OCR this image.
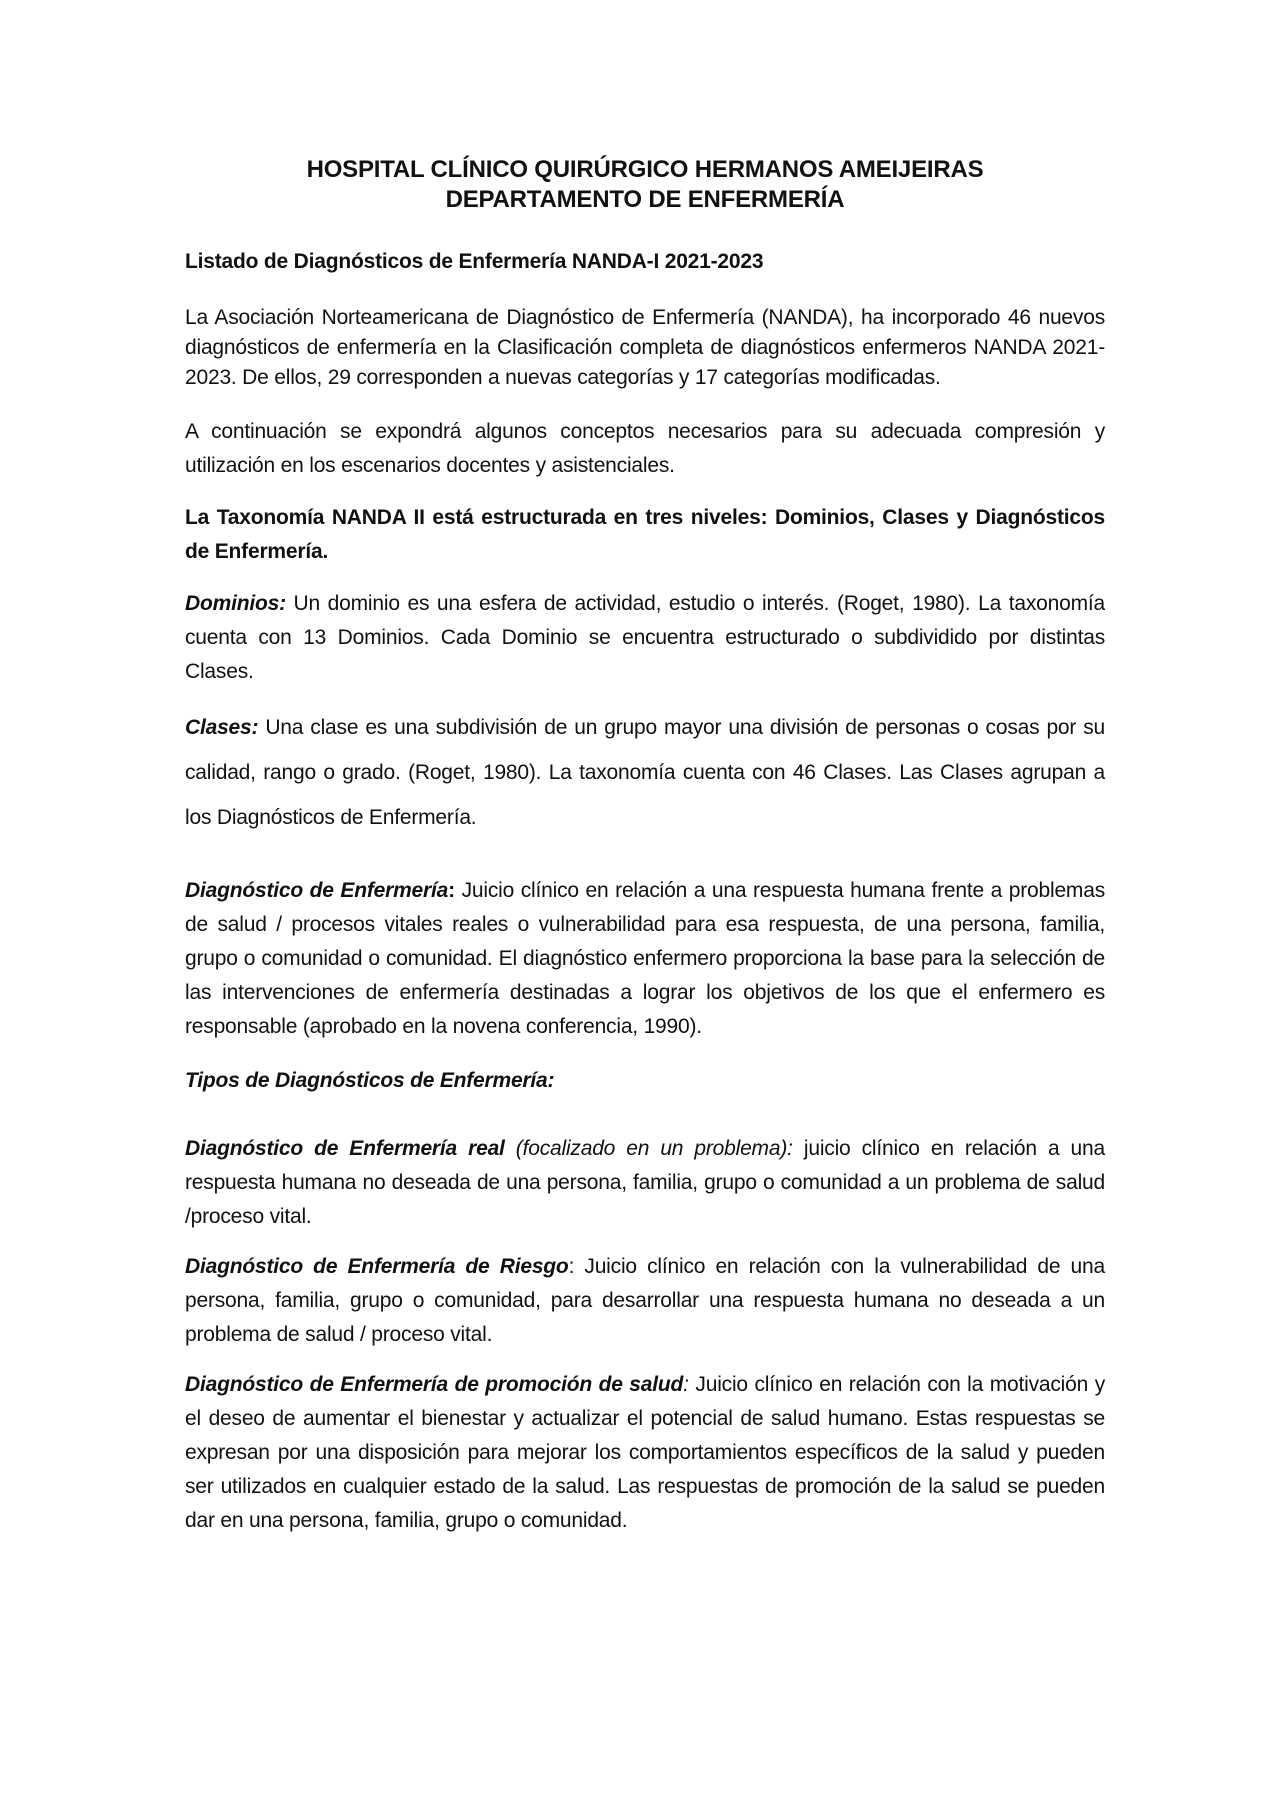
HOSPITAL CLÍNICO QUIRÚRGICO HERMANOS AMEIJEIRAS
DEPARTAMENTO DE ENFERMERÍA
Listado de Diagnósticos de Enfermería NANDA-I 2021-2023

La Asociación Norteamericana de Diagnóstico de Enfermería (NANDA), ha incorporado 46 nuevos diagnósticos de enfermería en la Clasificación completa de diagnósticos enfermeros NANDA 2021-2023. De ellos, 29 corresponden a nuevas categorías y 17 categorías modificadas.

A continuación se expondrá algunos conceptos necesarios para su adecuada compresión y utilización en los escenarios docentes y asistenciales.

La Taxonomía NANDA II está estructurada en tres niveles: Dominios, Clases y Diagnósticos de Enfermería.

Dominios: Un dominio es una esfera de actividad, estudio o interés. (Roget, 1980). La taxonomía cuenta con 13 Dominios. Cada Dominio se encuentra estructurado o subdividido por distintas Clases.

Clases: Una clase es una subdivisión de un grupo mayor una división de personas o cosas por su calidad, rango o grado. (Roget, 1980). La taxonomía cuenta con 46 Clases. Las Clases agrupan a los Diagnósticos de Enfermería.

Diagnóstico de Enfermería: Juicio clínico en relación a una respuesta humana frente a problemas de salud / procesos vitales reales o vulnerabilidad para esa respuesta, de una persona, familia, grupo o comunidad o comunidad. El diagnóstico enfermero proporciona la base para la selección de las intervenciones de enfermería destinadas a lograr los objetivos de los que el enfermero es responsable (aprobado en la novena conferencia, 1990).

Tipos de Diagnósticos de Enfermería:

Diagnóstico de Enfermería real (focalizado en un problema): juicio clínico en relación a una respuesta humana no deseada de una persona, familia, grupo o comunidad a un problema de salud /proceso vital.

Diagnóstico de Enfermería de Riesgo: Juicio clínico en relación con la vulnerabilidad de una persona, familia, grupo o comunidad, para desarrollar una respuesta humana no deseada a un problema de salud / proceso vital.

Diagnóstico de Enfermería de promoción de salud: Juicio clínico en relación con la motivación y el deseo de aumentar el bienestar y actualizar el potencial de salud humano. Estas respuestas se expresan por una disposición para mejorar los comportamientos específicos de la salud y pueden ser utilizados en cualquier estado de la salud. Las respuestas de promoción de la salud se pueden dar en una persona, familia, grupo o comunidad.
